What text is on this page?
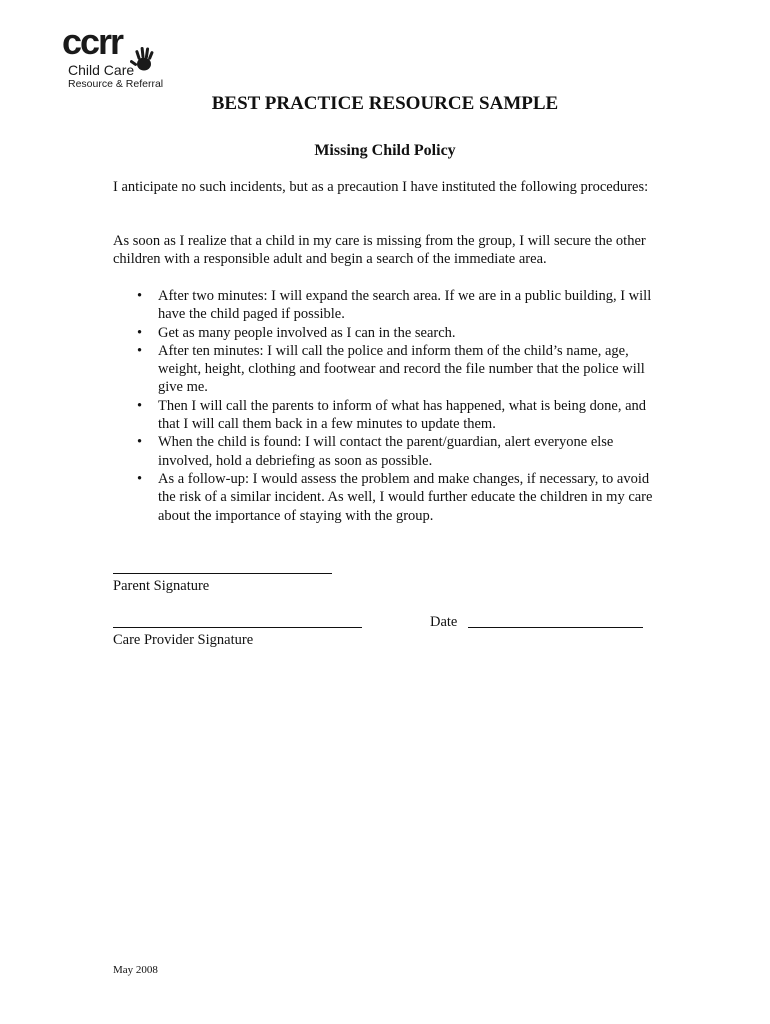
ccrr
Child Care
Resource & Referral
BEST PRACTICE RESOURCE SAMPLE
Missing Child Policy
I anticipate no such incidents, but as a precaution I have instituted the following procedures:
As soon as I realize that a child in my care is missing from the group, I will secure the other children with a responsible adult and begin a search of the immediate area.
• After two minutes: I will expand the search area. If we are in a public building, I will have the child paged if possible.
• Get as many people involved as I can in the search.
• After ten minutes: I will call the police and inform them of the child’s name, age, weight, height, clothing and footwear and record the file number that the police will give me.
• Then I will call the parents to inform of what has happened, what is being done, and that I will call them back in a few minutes to update them.
• When the child is found: I will contact the parent/guardian, alert everyone else involved, hold a debriefing as soon as possible.
• As a follow-up: I would assess the problem and make changes, if necessary, to avoid the risk of a similar incident. As well, I would further educate the children in my care about the importance of staying with the group.
Parent Signature
Care Provider Signature
Date
May 2008
